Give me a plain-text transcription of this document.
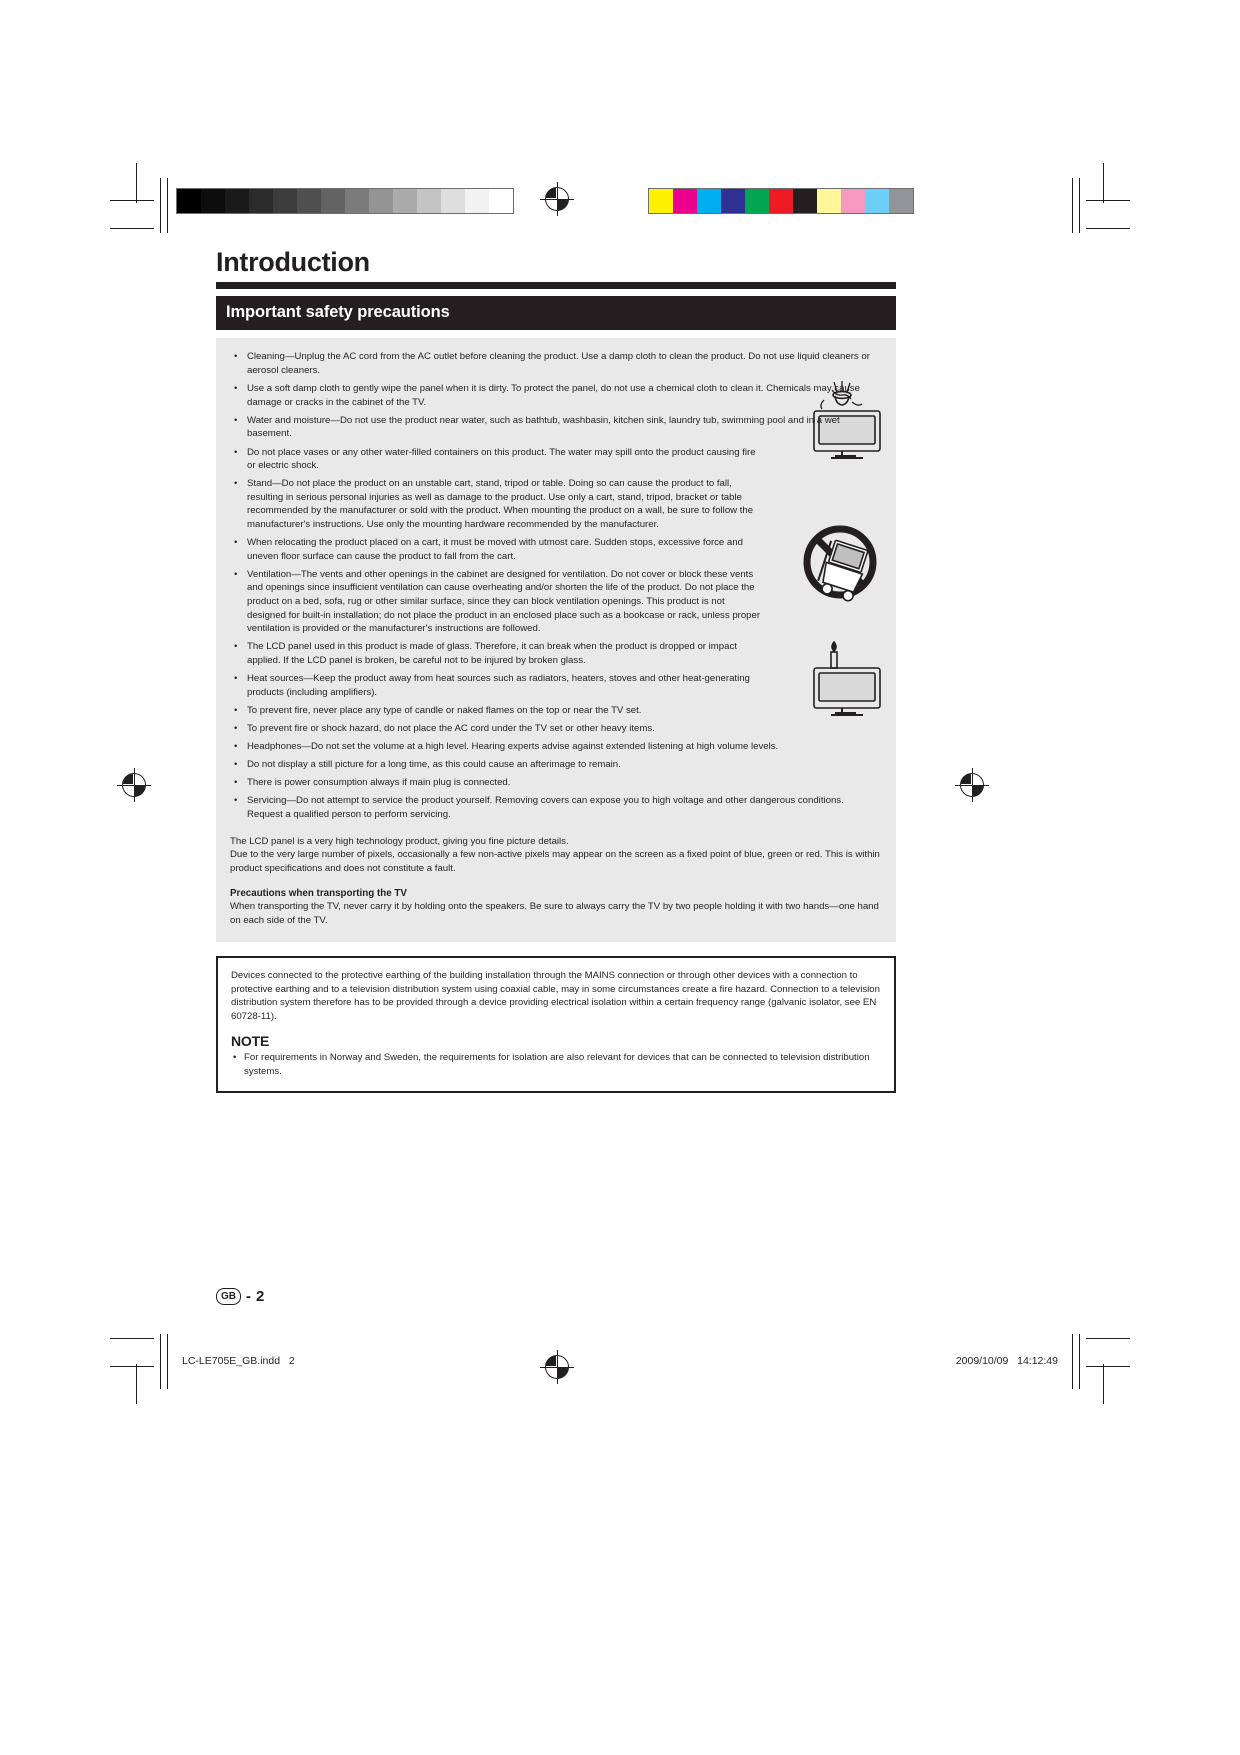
Introduction
Important safety precautions
• Cleaning—Unplug the AC cord from the AC outlet before cleaning the product. Use a damp cloth to clean the product. Do not use liquid cleaners or aerosol cleaners.
• Use a soft damp cloth to gently wipe the panel when it is dirty. To protect the panel, do not use a chemical cloth to clean it. Chemicals may cause damage or cracks in the cabinet of the TV.
• Water and moisture—Do not use the product near water, such as bathtub, washbasin, kitchen sink, laundry tub, swimming pool and in a wet basement.
• Do not place vases or any other water-filled containers on this product. The water may spill onto the product causing fire or electric shock.
• Stand—Do not place the product on an unstable cart, stand, tripod or table. Doing so can cause the product to fall, resulting in serious personal injuries as well as damage to the product. Use only a cart, stand, tripod, bracket or table recommended by the manufacturer or sold with the product. When mounting the product on a wall, be sure to follow the manufacturer's instructions. Use only the mounting hardware recommended by the manufacturer.
• When relocating the product placed on a cart, it must be moved with utmost care. Sudden stops, excessive force and uneven floor surface can cause the product to fall from the cart.
• Ventilation—The vents and other openings in the cabinet are designed for ventilation. Do not cover or block these vents and openings since insufficient ventilation can cause overheating and/or shorten the life of the product. Do not place the product on a bed, sofa, rug or other similar surface, since they can block ventilation openings. This product is not designed for built-in installation; do not place the product in an enclosed place such as a bookcase or rack, unless proper ventilation is provided or the manufacturer's instructions are followed.
• The LCD panel used in this product is made of glass. Therefore, it can break when the product is dropped or impact applied. If the LCD panel is broken, be careful not to be injured by broken glass.
• Heat sources—Keep the product away from heat sources such as radiators, heaters, stoves and other heat-generating products (including amplifiers).
• To prevent fire, never place any type of candle or naked flames on the top or near the TV set.
• To prevent fire or shock hazard, do not place the AC cord under the TV set or other heavy items.
• Headphones—Do not set the volume at a high level. Hearing experts advise against extended listening at high volume levels.
• Do not display a still picture for a long time, as this could cause an afterimage to remain.
• There is power consumption always if main plug is connected.
• Servicing—Do not attempt to service the product yourself. Removing covers can expose you to high voltage and other dangerous conditions. Request a qualified person to perform servicing.

The LCD panel is a very high technology product, giving you fine picture details.

Due to the very large number of pixels, occasionally a few non-active pixels may appear on the screen as a fixed point of blue, green or red. This is within product specifications and does not constitute a fault.

Precautions when transporting the TV

When transporting the TV, never carry it by holding onto the speakers. Be sure to always carry the TV by two people holding it with two hands—one hand on each side of the TV.

Devices connected to the protective earthing of the building installation through the MAINS connection or through other devices with a connection to protective earthing and to a television distribution system using coaxial cable, may in some circumstances create a fire hazard. Connection to a television distribution system therefore has to be provided through a device providing electrical isolation within a certain frequency range (galvanic isolator, see EN 60728-11).

NOTE
• For requirements in Norway and Sweden, the requirements for isolation are also relevant for devices that can be connected to television distribution systems.
GB - 2
LC-LE705E_GB.indd   2	2009/10/09   14:12:49
